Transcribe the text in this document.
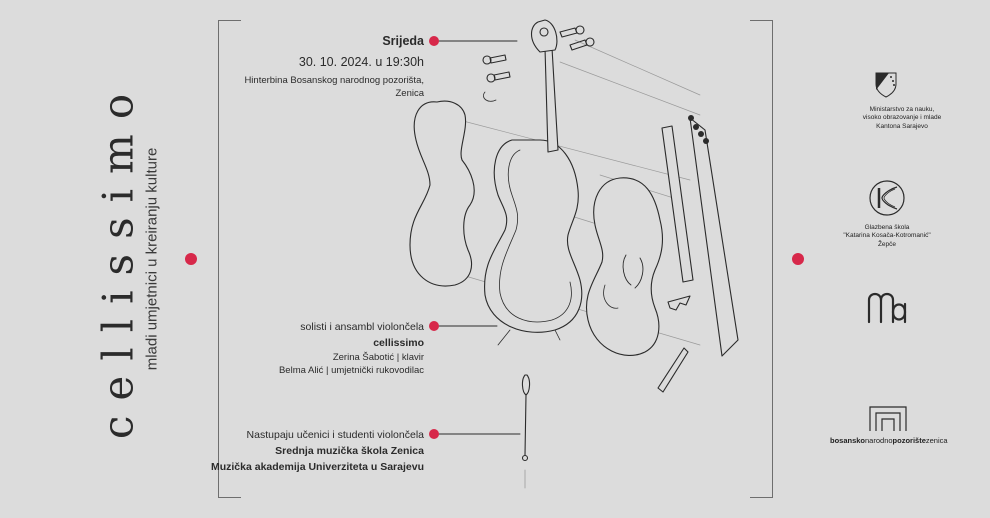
cellissimo mladi umjetnici u kreiranju kulture
Srijeda
30. 10. 2024. u 19:30h
Hinterbina Bosanskog narodnog pozorišta,
Zenica
solisti i ansambl violončela
cellissimo
Zerina Šabotić | klavir
Belma Alić | umjetnički rukovodilac
Nastupaju učenici i studenti violončela
Srednja muzička škola Zenica
Muzička akademija Univerziteta u Sarajevu
Ministarstvo za nauku,
visoko obrazovanje i mlade
Kantona Sarajevo
Glazbena škola
"Katarina Kosača-Kotromanić"
Žepče
bosanskonarodnopozorištezenica
